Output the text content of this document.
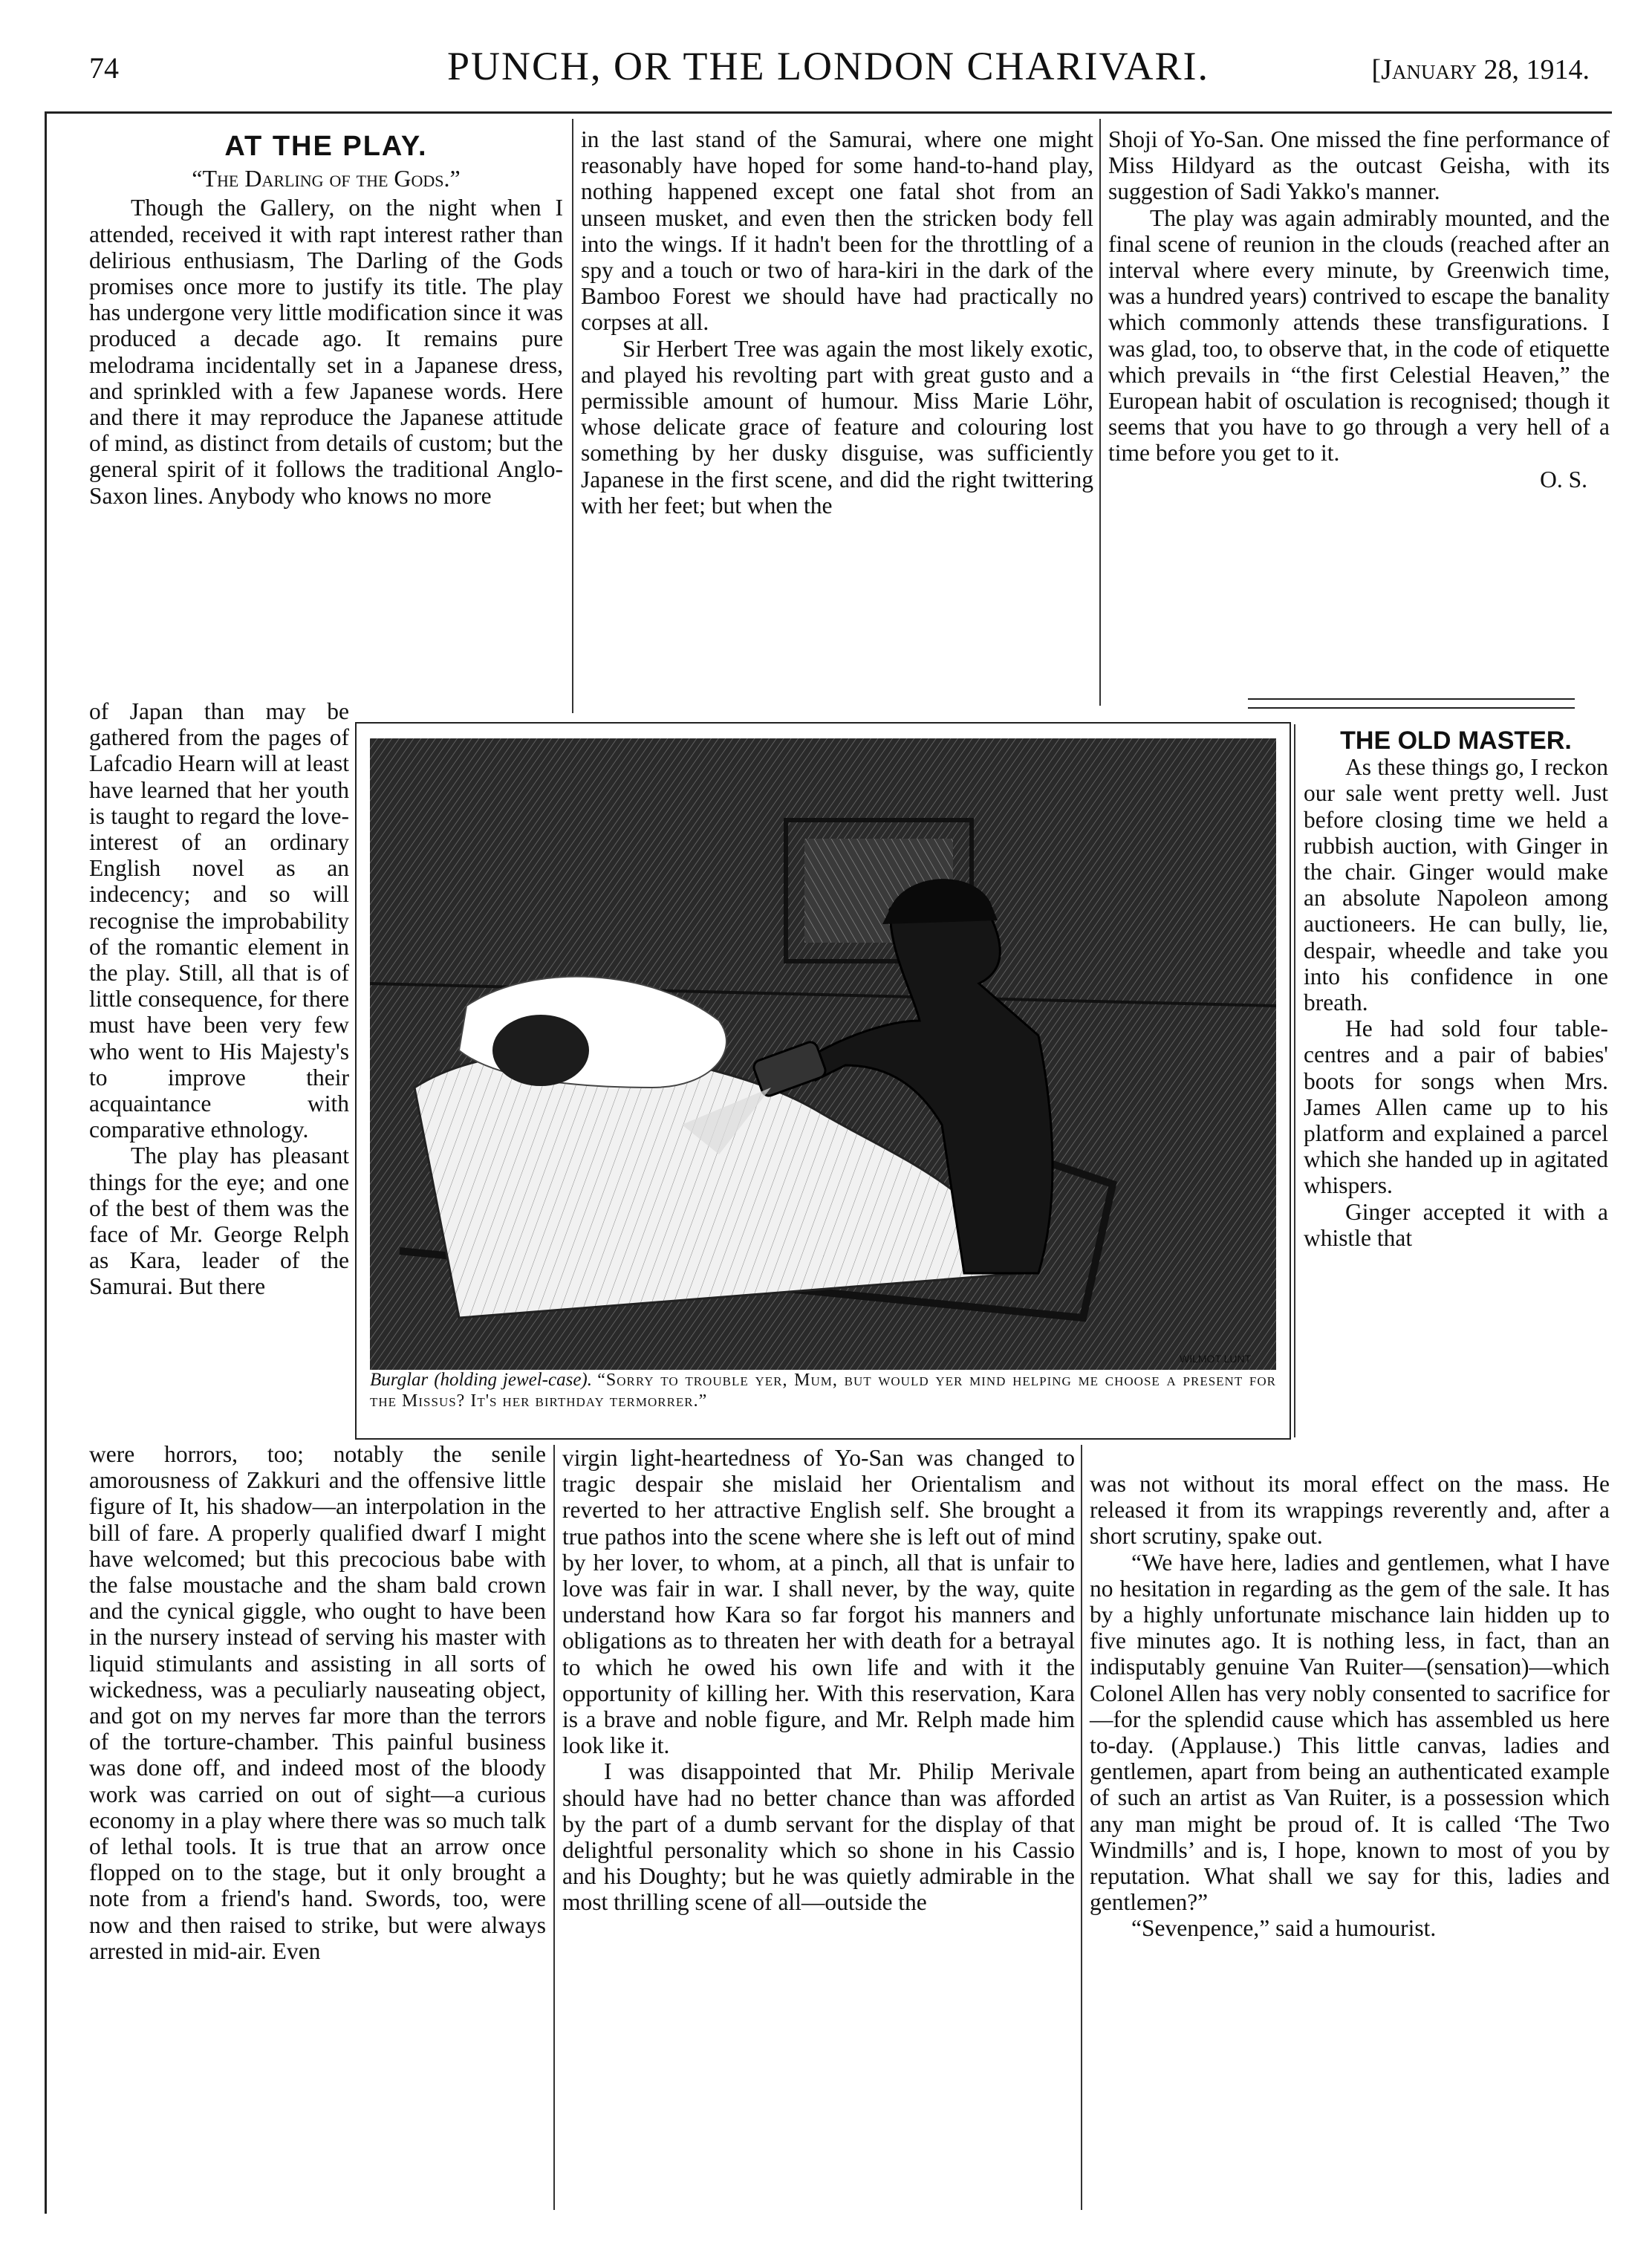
74	PUNCH, OR THE LONDON CHARIVARI.	[January 28, 1914.
AT THE PLAY.
“The Darling of the Gods.”

Though the Gallery, on the night when I attended, received it with rapt interest rather than delirious enthusiasm, The Darling of the Gods promises once more to justify its title. The play has undergone very little modification since it was produced a decade ago. It remains pure melodrama incidentally set in a Japanese dress, and sprinkled with a few Japanese words. Here and there it may reproduce the Japanese attitude of mind, as distinct from details of custom; but the general spirit of it follows the traditional Anglo-Saxon lines. Anybody who knows no more

of Japan than may be gathered from the pages of Lafcadio Hearn will at least have learned that her youth is taught to regard the love-interest of an ordinary English novel as an indecency; and so will recognise the improbability of the romantic element in the play. Still, all that is of little consequence, for there must have been very few who went to His Majesty's to improve their acquaintance with comparative ethnology.

The play has pleasant things for the eye; and one of the best of them was the face of Mr. George Relph as Kara, leader of the Samurai. But there

were horrors, too; notably the senile amorousness of Zakkuri and the offensive little figure of It, his shadow—an interpolation in the bill of fare. A properly qualified dwarf I might have welcomed; but this precocious babe with the false moustache and the sham bald crown and the cynical giggle, who ought to have been in the nursery instead of serving his master with liquid stimulants and assisting in all sorts of wickedness, was a peculiarly nauseating object, and got on my nerves far more than the terrors of the torture-chamber. This painful business was done off, and indeed most of the bloody work was carried on out of sight—a curious economy in a play where there was so much talk of lethal tools. It is true that an arrow once flopped on to the stage, but it only brought a note from a friend's hand. Swords, too, were now and then raised to strike, but were always arrested in mid-air. Even

in the last stand of the Samurai, where one might reasonably have hoped for some hand-to-hand play, nothing happened except one fatal shot from an unseen musket, and even then the stricken body fell into the wings. If it hadn't been for the throttling of a spy and a touch or two of hara-kiri in the dark of the Bamboo Forest we should have had practically no corpses at all.

Sir Herbert Tree was again the most likely exotic, and played his revolting part with great gusto and a permissible amount of humour. Miss Marie Löhr, whose delicate grace of feature and colouring lost something by her dusky disguise, was sufficiently Japanese in the first scene, and did the right twittering with her feet; but when the

virgin light-heartedness of Yo-San was changed to tragic despair she mislaid her Orientalism and reverted to her attractive English self. She brought a true pathos into the scene where she is left out of mind by her lover, to whom, at a pinch, all that is unfair to love was fair in war. I shall never, by the way, quite understand how Kara so far forgot his manners and obligations as to threaten her with death for a betrayal to which he owed his own life and with it the opportunity of killing her. With this reservation, Kara is a brave and noble figure, and Mr. Relph made him look like it.

I was disappointed that Mr. Philip Merivale should have had no better chance than was afforded by the part of a dumb servant for the display of that delightful personality which so shone in his Cassio and his Doughty; but he was quietly admirable in the most thrilling scene of all—outside the

Shoji of Yo-San. One missed the fine performance of Miss Hildyard as the outcast Geisha, with its suggestion of Sadi Yakko's manner.

The play was again admirably mounted, and the final scene of reunion in the clouds (reached after an interval where every minute, by Greenwich time, was a hundred years) contrived to escape the banality which commonly attends these transfigurations. I was glad, too, to observe that, in the code of etiquette which prevails in “the first Celestial Heaven,” the European habit of osculation is recognised; though it seems that you have to go through a very hell of a time before you get to it.

O. S.

THE OLD MASTER.

As these things go, I reckon our sale went pretty well. Just before closing time we held a rubbish auction, with Ginger in the chair. Ginger would make an absolute Napoleon among auctioneers. He can bully, lie, despair, wheedle and take you into his confidence in one breath.

He had sold four table-centres and a pair of babies' boots for songs when Mrs. James Allen came up to his platform and explained a parcel which she handed up in agitated whispers.

Ginger accepted it with a whistle that

was not without its moral effect on the mass. He released it from its wrappings reverently and, after a short scrutiny, spake out.

“We have here, ladies and gentlemen, what I have no hesitation in regarding as the gem of the sale. It has by a highly unfortunate mischance lain hidden up to five minutes ago. It is nothing less, in fact, than an indisputably genuine Van Ruiter—(sensation)—which Colonel Allen has very nobly consented to sacrifice for—for the splendid cause which has assembled us here to-day. (Applause.) This little canvas, ladies and gentlemen, apart from being an authenticated example of such an artist as Van Ruiter, is a possession which any man might be proud of. It is called ‘The Two Windmills’ and is, I hope, known to most of you by reputation. What shall we say for this, ladies and gentlemen?”

“Sevenpence,” said a humourist.

WILMOT LUNT
Burglar (holding jewel-case). “Sorry to trouble yer, Mum, but would yer mind helping me choose a present for the Missus? It's her birthday termorrer.”
